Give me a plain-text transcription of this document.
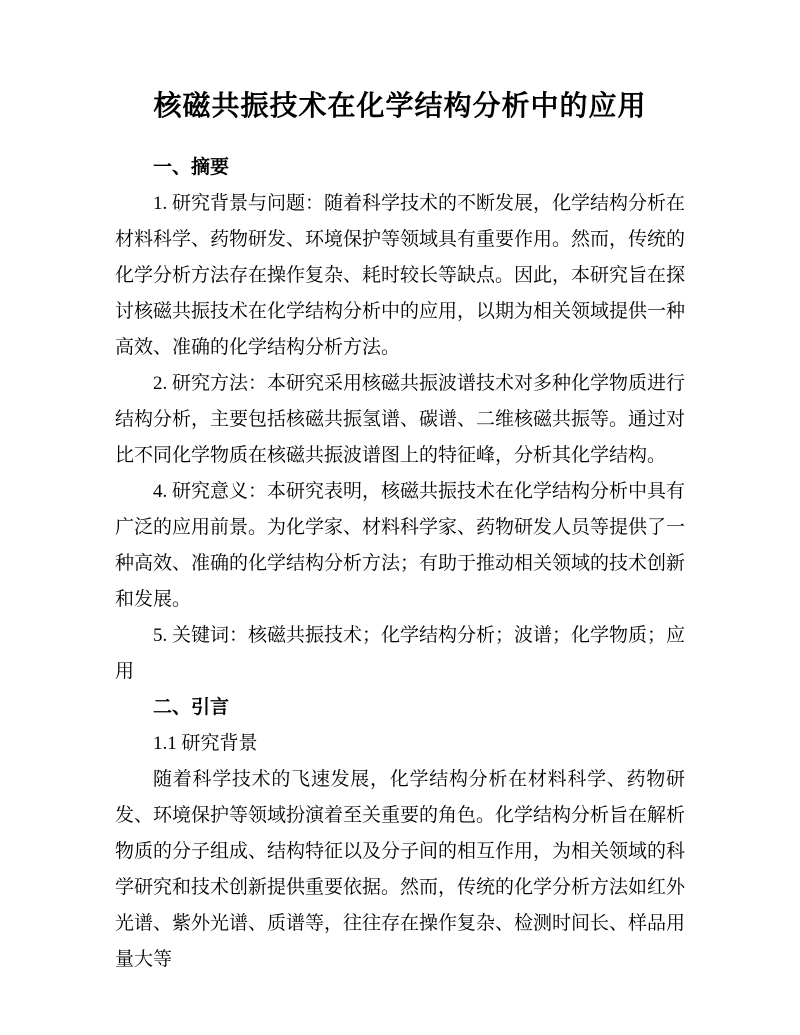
核磁共振技术在化学结构分析中的应用

一、摘要

1. 研究背景与问题：随着科学技术的不断发展，化学结构分析在材料科学、药物研发、环境保护等领域具有重要作用。然而，传统的化学分析方法存在操作复杂、耗时较长等缺点。因此，本研究旨在探讨核磁共振技术在化学结构分析中的应用，以期为相关领域提供一种高效、准确的化学结构分析方法。

2. 研究方法：本研究采用核磁共振波谱技术对多种化学物质进行结构分析，主要包括核磁共振氢谱、碳谱、二维核磁共振等。通过对比不同化学物质在核磁共振波谱图上的特征峰，分析其化学结构。

4. 研究意义：本研究表明，核磁共振技术在化学结构分析中具有广泛的应用前景。为化学家、材料科学家、药物研发人员等提供了一种高效、准确的化学结构分析方法；有助于推动相关领域的技术创新和发展。

5. 关键词：核磁共振技术；化学结构分析；波谱；化学物质；应用

二、引言

1.1 研究背景

随着科学技术的飞速发展，化学结构分析在材料科学、药物研发、环境保护等领域扮演着至关重要的角色。化学结构分析旨在解析物质的分子组成、结构特征以及分子间的相互作用，为相关领域的科学研究和技术创新提供重要依据。然而，传统的化学分析方法如红外光谱、紫外光谱、质谱等，往往存在操作复杂、检测时间长、样品用量大等
